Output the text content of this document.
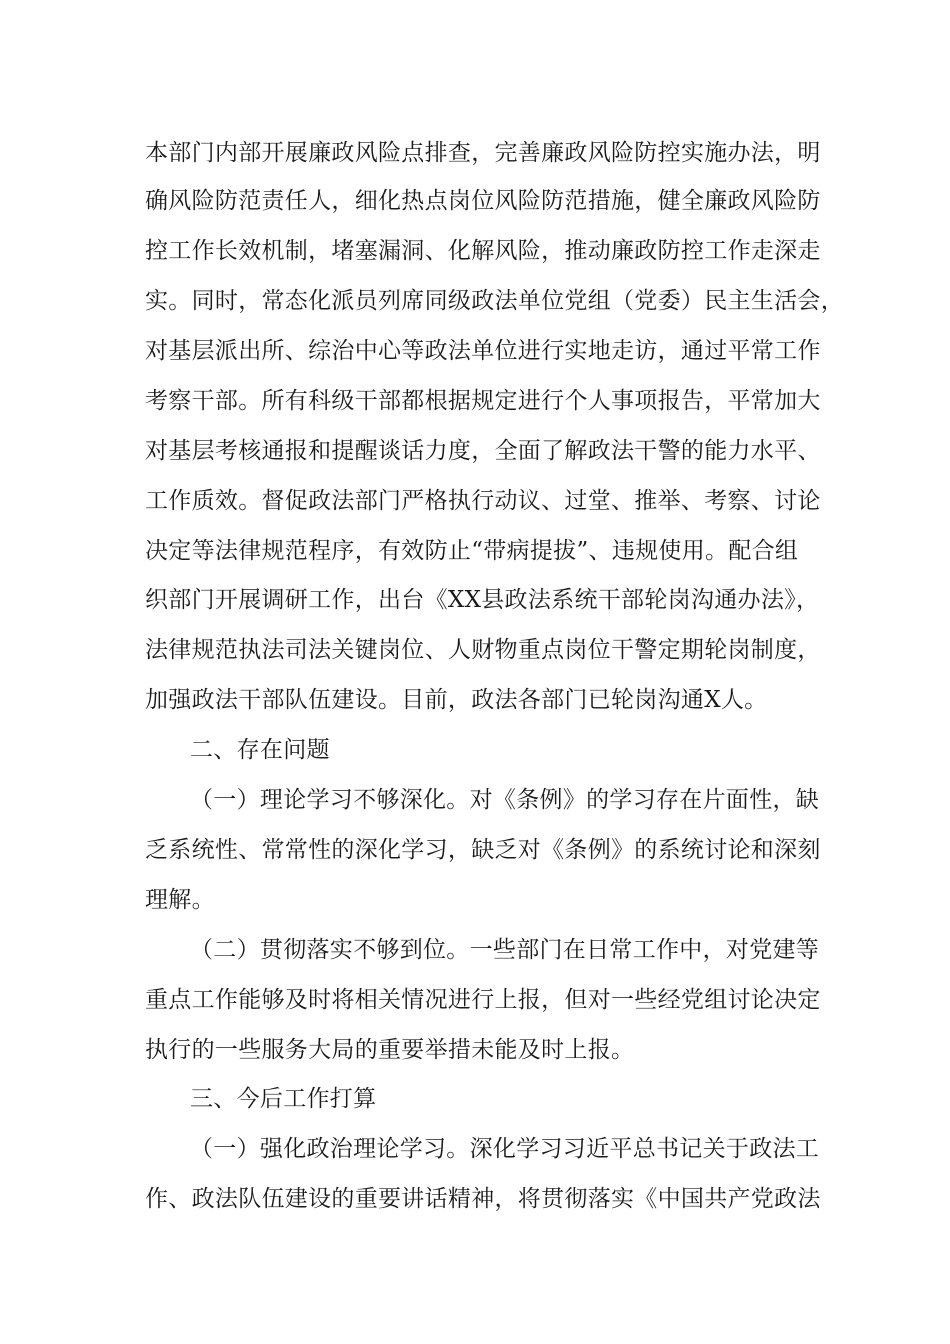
本部门内部开展廉政风险点排查，完善廉政风险防控实施办法，明
确风险防范责任人，细化热点岗位风险防范措施，健全廉政风险防
控工作长效机制，堵塞漏洞、化解风险，推动廉政防控工作走深走
实。同时，常态化派员列席同级政法单位党组（党委）民主生活会，
对基层派出所、综治中心等政法单位进行实地走访，通过平常工作
考察干部。所有科级干部都根据规定进行个人事项报告，平常加大
对基层考核通报和提醒谈话力度，全面了解政法干警的能力水平、
工作质效。督促政法部门严格执行动议、过堂、推举、考察、讨论
决定等法律规范程序，有效防止“带病提拔”、违规使用。配合组
织部门开展调研工作，出台《XX县政法系统干部轮岗沟通办法》，
法律规范执法司法关键岗位、人财物重点岗位干警定期轮岗制度，
加强政法干部队伍建设。目前，政法各部门已轮岗沟通X人。
二、存在问题
（一）理论学习不够深化。对《条例》的学习存在片面性，缺
乏系统性、常常性的深化学习，缺乏对《条例》的系统讨论和深刻
理解。
（二）贯彻落实不够到位。一些部门在日常工作中，对党建等
重点工作能够及时将相关情况进行上报，但对一些经党组讨论决定
执行的一些服务大局的重要举措未能及时上报。
三、今后工作打算
（一）强化政治理论学习。深化学习习近平总书记关于政法工
作、政法队伍建设的重要讲话精神，将贯彻落实《中国共产党政法
